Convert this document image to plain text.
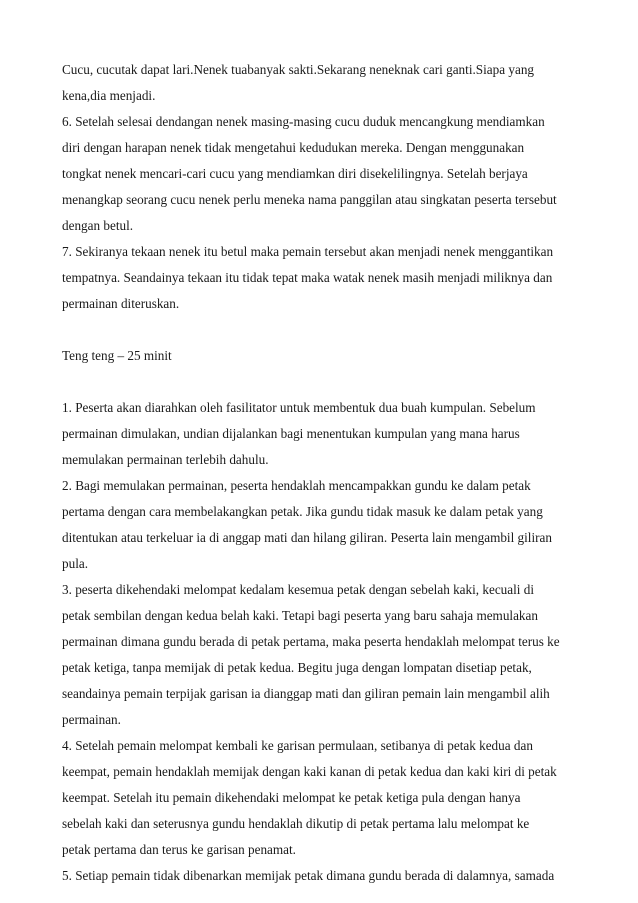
Cucu, cucutak dapat lari.Nenek tuabanyak sakti.Sekarang neneknak cari ganti.Siapa yang
kena,dia menjadi.
6. Setelah selesai dendangan nenek masing-masing cucu duduk mencangkung mendiamkan
diri dengan harapan nenek tidak mengetahui kedudukan mereka. Dengan menggunakan
tongkat nenek mencari-cari cucu yang mendiamkan diri disekelilingnya. Setelah berjaya
menangkap seorang cucu nenek perlu meneka nama panggilan atau singkatan peserta tersebut
dengan betul.
7. Sekiranya tekaan nenek itu betul maka pemain tersebut akan menjadi nenek menggantikan
tempatnya. Seandainya tekaan itu tidak tepat maka watak nenek masih menjadi miliknya dan
permainan diteruskan.
Teng teng – 25 minit
1. Peserta akan diarahkan oleh fasilitator untuk membentuk dua buah kumpulan. Sebelum
permainan dimulakan, undian dijalankan bagi menentukan kumpulan yang mana harus
memulakan permainan terlebih dahulu.
2. Bagi memulakan permainan, peserta hendaklah mencampakkan gundu ke dalam petak
pertama dengan cara membelakangkan petak. Jika gundu tidak masuk ke dalam petak yang
ditentukan atau terkeluar ia di anggap mati dan hilang giliran. Peserta lain mengambil giliran
pula.
3. peserta dikehendaki melompat kedalam kesemua petak dengan sebelah kaki, kecuali di
petak sembilan dengan kedua belah kaki. Tetapi bagi peserta yang baru sahaja memulakan
permainan dimana gundu berada di petak pertama, maka peserta hendaklah melompat terus ke
petak ketiga, tanpa memijak di petak kedua. Begitu juga dengan lompatan disetiap petak,
seandainya pemain terpijak garisan ia dianggap mati dan giliran pemain lain mengambil alih
permainan.
4. Setelah pemain melompat kembali ke garisan permulaan, setibanya di petak kedua dan
keempat, pemain hendaklah memijak dengan kaki kanan di petak kedua dan kaki kiri di petak
keempat. Setelah itu pemain dikehendaki melompat ke petak ketiga pula dengan hanya
sebelah kaki dan seterusnya gundu hendaklah dikutip di petak pertama lalu melompat ke
petak pertama dan terus ke garisan penamat.
5. Setiap pemain tidak dibenarkan memijak petak dimana gundu berada di dalamnya, samada
